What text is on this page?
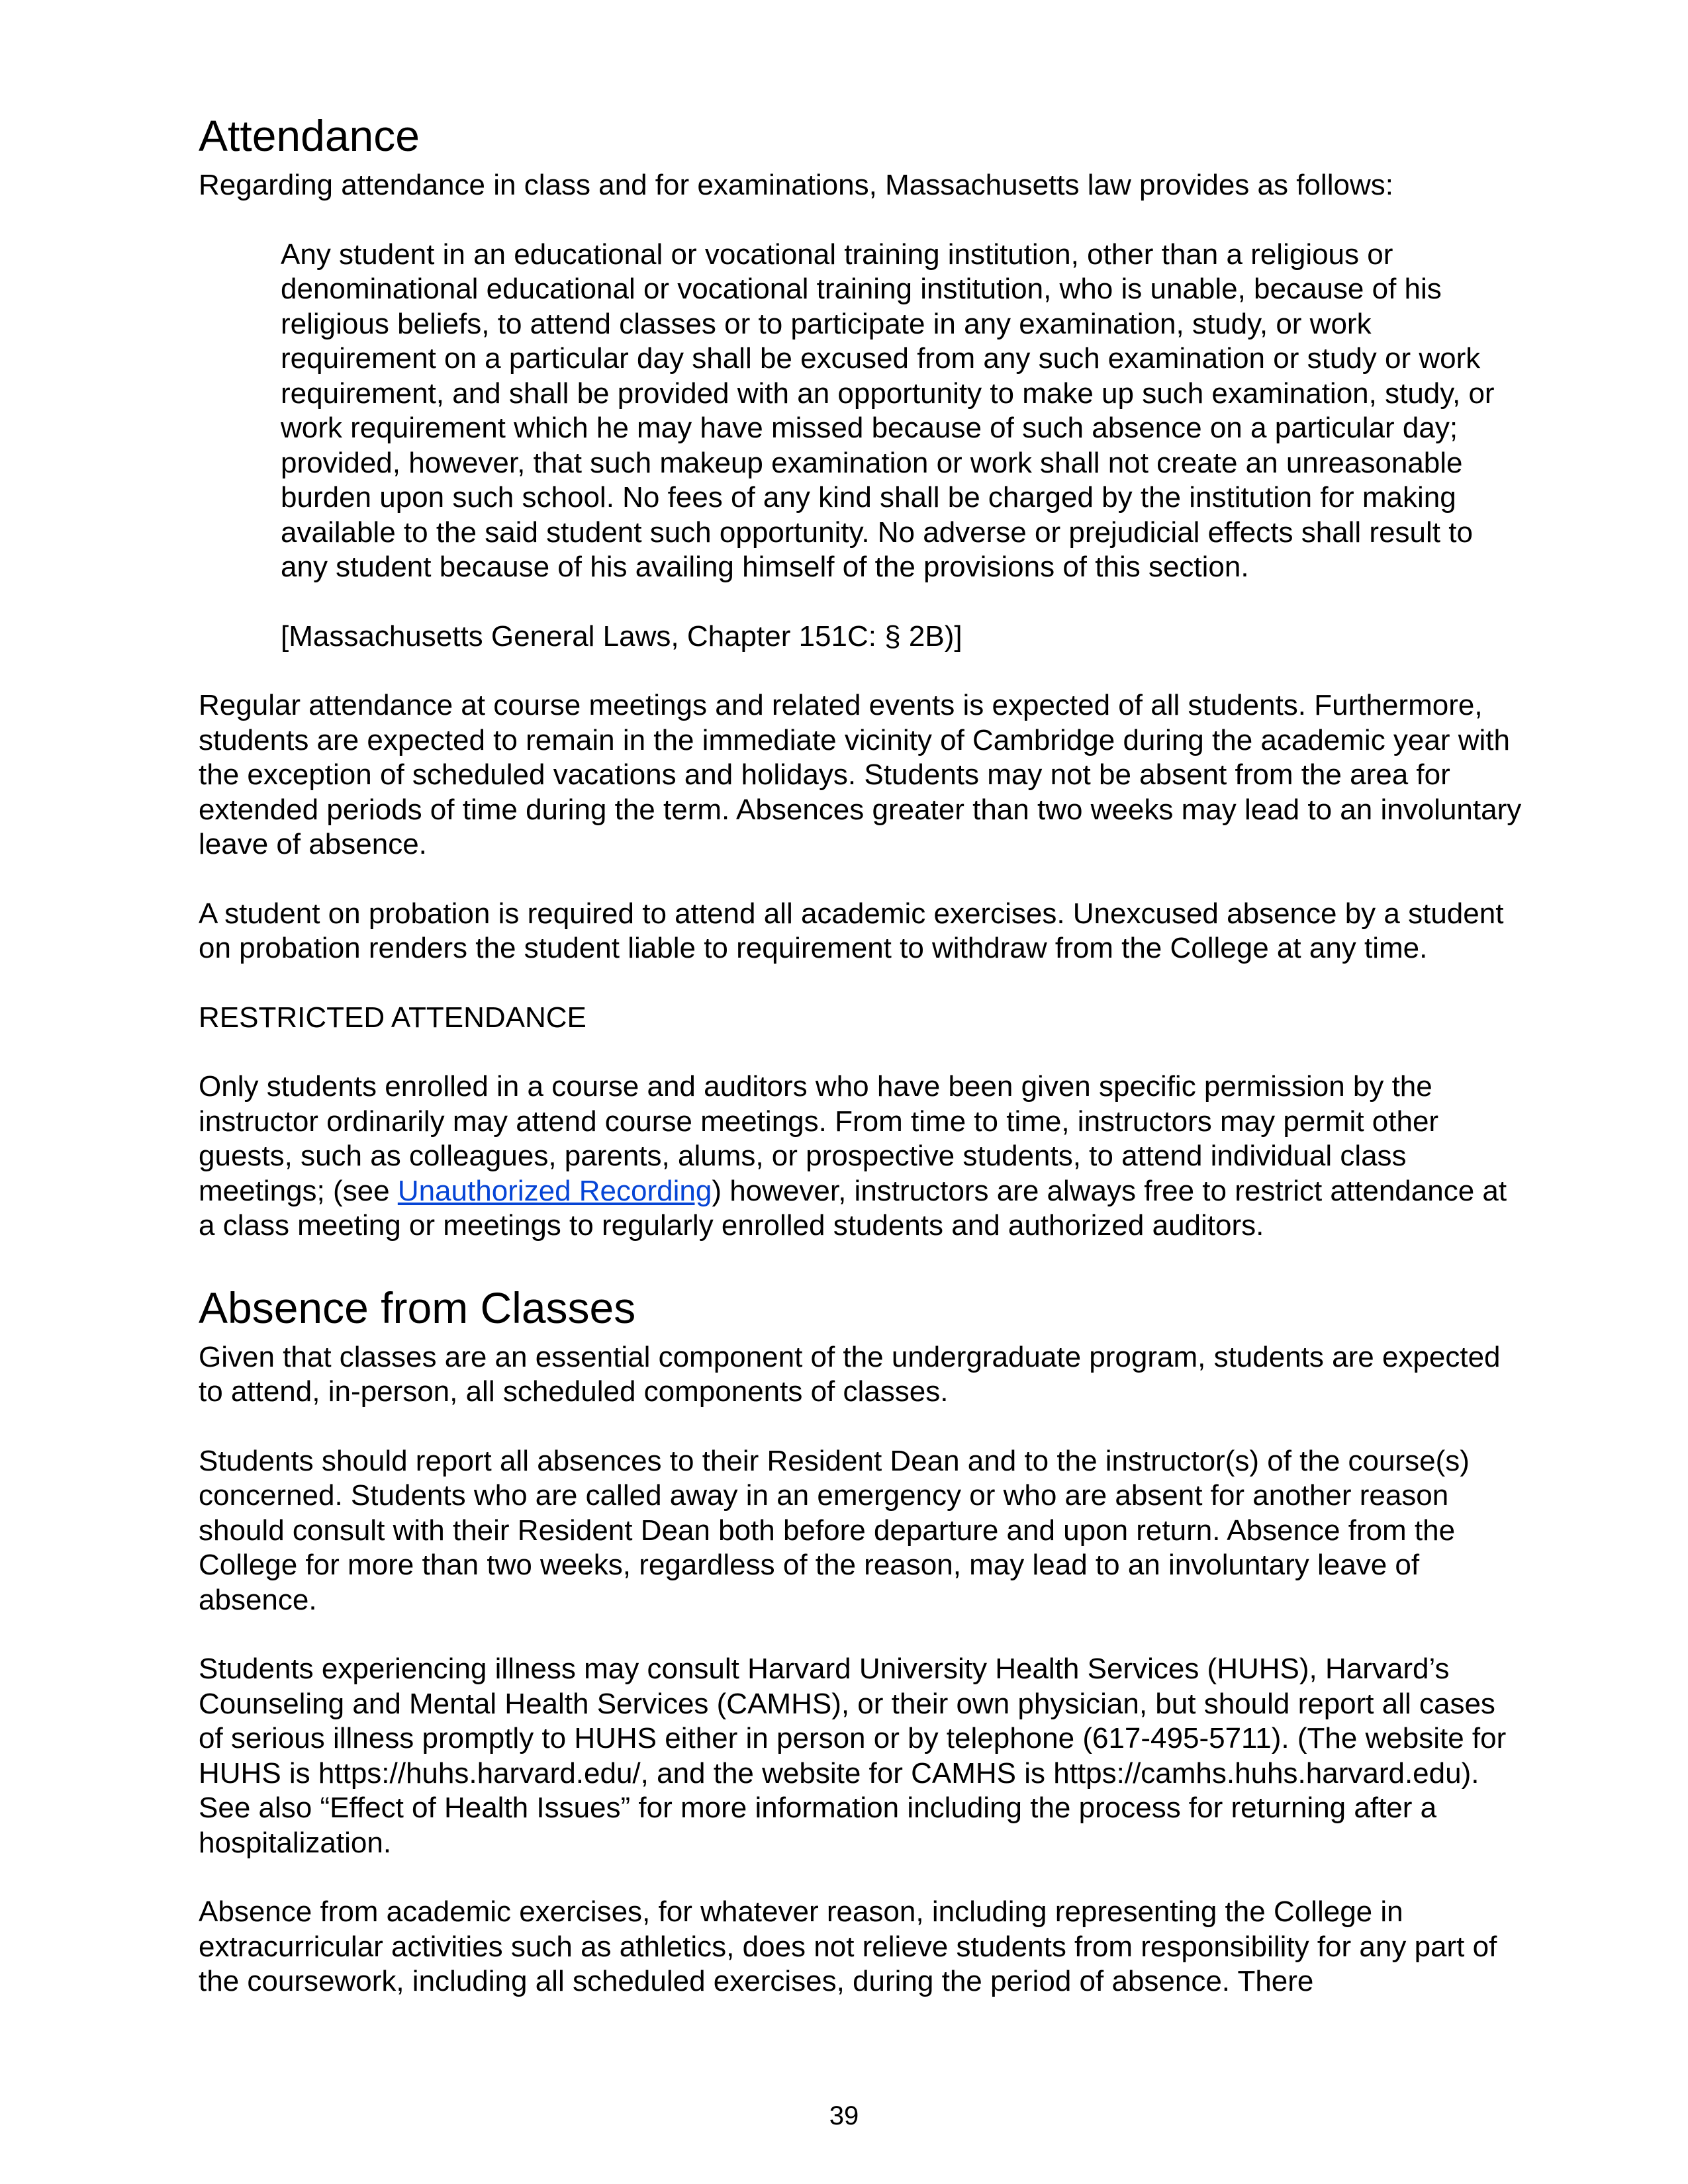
Attendance

Regarding attendance in class and for examinations, Massachusetts law provides as follows:

Any student in an educational or vocational training institution, other than a religious or denominational educational or vocational training institution, who is unable, because of his religious beliefs, to attend classes or to participate in any examination, study, or work requirement on a particular day shall be excused from any such examination or study or work requirement, and shall be provided with an opportunity to make up such examination, study, or work requirement which he may have missed because of such absence on a particular day; provided, however, that such makeup examination or work shall not create an unreasonable burden upon such school. No fees of any kind shall be charged by the institution for making available to the said student such opportunity. No adverse or prejudicial effects shall result to any student because of his availing himself of the provisions of this section.

[Massachusetts General Laws, Chapter 151C: § 2B)]

Regular attendance at course meetings and related events is expected of all students. Furthermore, students are expected to remain in the immediate vicinity of Cambridge during the academic year with the exception of scheduled vacations and holidays. Students may not be absent from the area for extended periods of time during the term. Absences greater than two weeks may lead to an involuntary leave of absence.

A student on probation is required to attend all academic exercises. Unexcused absence by a student on probation renders the student liable to requirement to withdraw from the College at any time.

RESTRICTED ATTENDANCE

Only students enrolled in a course and auditors who have been given specific permission by the instructor ordinarily may attend course meetings. From time to time, instructors may permit other guests, such as colleagues, parents, alums, or prospective students, to attend individual class meetings; (see Unauthorized Recording) however, instructors are always free to restrict attendance at a class meeting or meetings to regularly enrolled students and authorized auditors.

Absence from Classes

Given that classes are an essential component of the undergraduate program, students are expected to attend, in-person, all scheduled components of classes.

Students should report all absences to their Resident Dean and to the instructor(s) of the course(s) concerned. Students who are called away in an emergency or who are absent for another reason should consult with their Resident Dean both before departure and upon return. Absence from the College for more than two weeks, regardless of the reason, may lead to an involuntary leave of absence.

Students experiencing illness may consult Harvard University Health Services (HUHS), Harvard’s Counseling and Mental Health Services (CAMHS), or their own physician, but should report all cases of serious illness promptly to HUHS either in person or by telephone (617-495-5711). (The website for HUHS is https://huhs.harvard.edu/, and the website for CAMHS is https://camhs.huhs.harvard.edu). See also “Effect of Health Issues” for more information including the process for returning after a hospitalization.

Absence from academic exercises, for whatever reason, including representing the College in extracurricular activities such as athletics, does not relieve students from responsibility for any part of the coursework, including all scheduled exercises, during the period of absence. There

39
